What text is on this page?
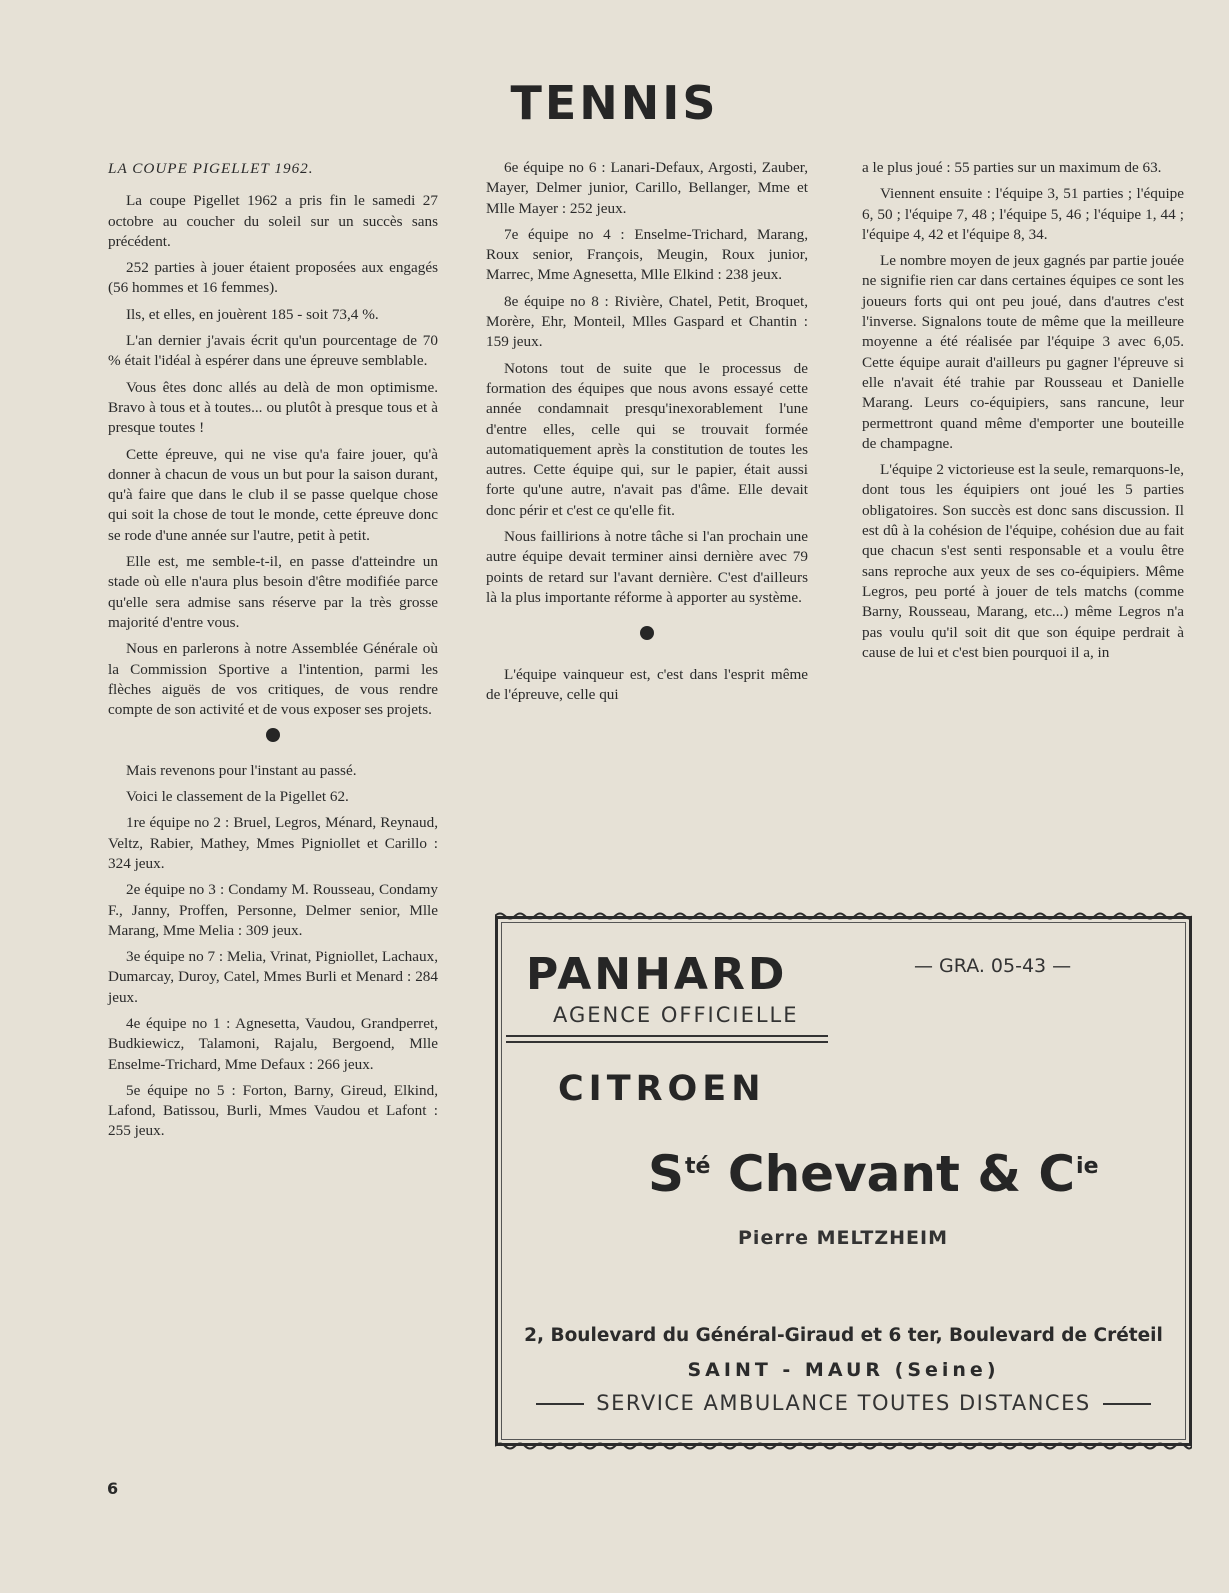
TENNIS

LA COUPE PIGELLET 1962.

La coupe Pigellet 1962 a pris fin le samedi 27 octobre au coucher du soleil sur un succès sans précédent.

252 parties à jouer étaient proposées aux engagés (56 hommes et 16 femmes).

Ils, et elles, en jouèrent 185 - soit 73,4 %.

L'an dernier j'avais écrit qu'un pourcentage de 70 % était l'idéal à espérer dans une épreuve semblable.

Vous êtes donc allés au delà de mon optimisme. Bravo à tous et à toutes... ou plutôt à presque tous et à presque toutes !

Cette épreuve, qui ne vise qu'a faire jouer, qu'à donner à chacun de vous un but pour la saison durant, qu'à faire que dans le club il se passe quelque chose qui soit la chose de tout le monde, cette épreuve donc se rode d'une année sur l'autre, petit à petit.

Elle est, me semble-t-il, en passe d'atteindre un stade où elle n'aura plus besoin d'être modifiée parce qu'elle sera admise sans réserve par la très grosse majorité d'entre vous.

Nous en parlerons à notre Assemblée Générale où la Commission Sportive a l'intention, parmi les flèches aiguës de vos critiques, de vous rendre compte de son activité et de vous exposer ses projets.

Mais revenons pour l'instant au passé.

Voici le classement de la Pigellet 62.

1re équipe no 2 : Bruel, Legros, Ménard, Reynaud, Veltz, Rabier, Mathey, Mmes Pigniollet et Carillo : 324 jeux.

2e équipe no 3 : Condamy M. Rousseau, Condamy F., Janny, Proffen, Personne, Delmer senior, Mlle Marang, Mme Melia : 309 jeux.

3e équipe no 7 : Melia, Vrinat, Pigniollet, Lachaux, Dumarcay, Duroy, Catel, Mmes Burli et Menard : 284 jeux.

4e équipe no 1 : Agnesetta, Vaudou, Grandperret, Budkiewicz, Talamoni, Rajalu, Bergoend, Mlle Enselme-Trichard, Mme Defaux : 266 jeux.

5e équipe no 5 : Forton, Barny, Gireud, Elkind, Lafond, Batissou, Burli, Mmes Vaudou et Lafont : 255 jeux.

6e équipe no 6 : Lanari-Defaux, Argosti, Zauber, Mayer, Delmer junior, Carillo, Bellanger, Mme et Mlle Mayer : 252 jeux.

7e équipe no 4 : Enselme-Trichard, Marang, Roux senior, François, Meugin, Roux junior, Marrec, Mme Agnesetta, Mlle Elkind : 238 jeux.

8e équipe no 8 : Rivière, Chatel, Petit, Broquet, Morère, Ehr, Monteil, Mlles Gaspard et Chantin : 159 jeux.

Notons tout de suite que le processus de formation des équipes que nous avons essayé cette année condamnait presqu'inexorablement l'une d'entre elles, celle qui se trouvait formée automatiquement après la constitution de toutes les autres. Cette équipe qui, sur le papier, était aussi forte qu'une autre, n'avait pas d'âme. Elle devait donc périr et c'est ce qu'elle fit.

Nous faillirions à notre tâche si l'an prochain une autre équipe devait terminer ainsi dernière avec 79 points de retard sur l'avant dernière. C'est d'ailleurs là la plus importante réforme à apporter au système.

L'équipe vainqueur est, c'est dans l'esprit même de l'épreuve, celle qui

a le plus joué : 55 parties sur un maximum de 63.

Viennent ensuite : l'équipe 3, 51 parties ; l'équipe 6, 50 ; l'équipe 7, 48 ; l'équipe 5, 46 ; l'équipe 1, 44 ; l'équipe 4, 42 et l'équipe 8, 34.

Le nombre moyen de jeux gagnés par partie jouée ne signifie rien car dans certaines équipes ce sont les joueurs forts qui ont peu joué, dans d'autres c'est l'inverse. Signalons toute de même que la meilleure moyenne a été réalisée par l'équipe 3 avec 6,05. Cette équipe aurait d'ailleurs pu gagner l'épreuve si elle n'avait été trahie par Rousseau et Danielle Marang. Leurs co-équipiers, sans rancune, leur permettront quand même d'emporter une bouteille de champagne.

L'équipe 2 victorieuse est la seule, remarquons-le, dont tous les équipiers ont joué les 5 parties obligatoires. Son succès est donc sans discussion. Il est dû à la cohésion de l'équipe, cohésion due au fait que chacun s'est senti responsable et a voulu être sans reproche aux yeux de ses co-équipiers. Même Legros, peu porté à jouer de tels matchs (comme Barny, Rousseau, Marang, etc...) même Legros n'a pas voulu qu'il soit dit que son équipe perdrait à cause de lui et c'est bien pourquoi il a, in

PANHARD
AGENCE OFFICIELLE
— GRA. 05-43 —
CITROEN
$S^{té}$ Chevant & $C^{ie}$
Pierre MELTZHEIM
2, Boulevard du Général-Giraud et 6 ter, Boulevard de Créteil
SAINT - MAUR (Seine)
SERVICE AMBULANCE TOUTES DISTANCES
6
